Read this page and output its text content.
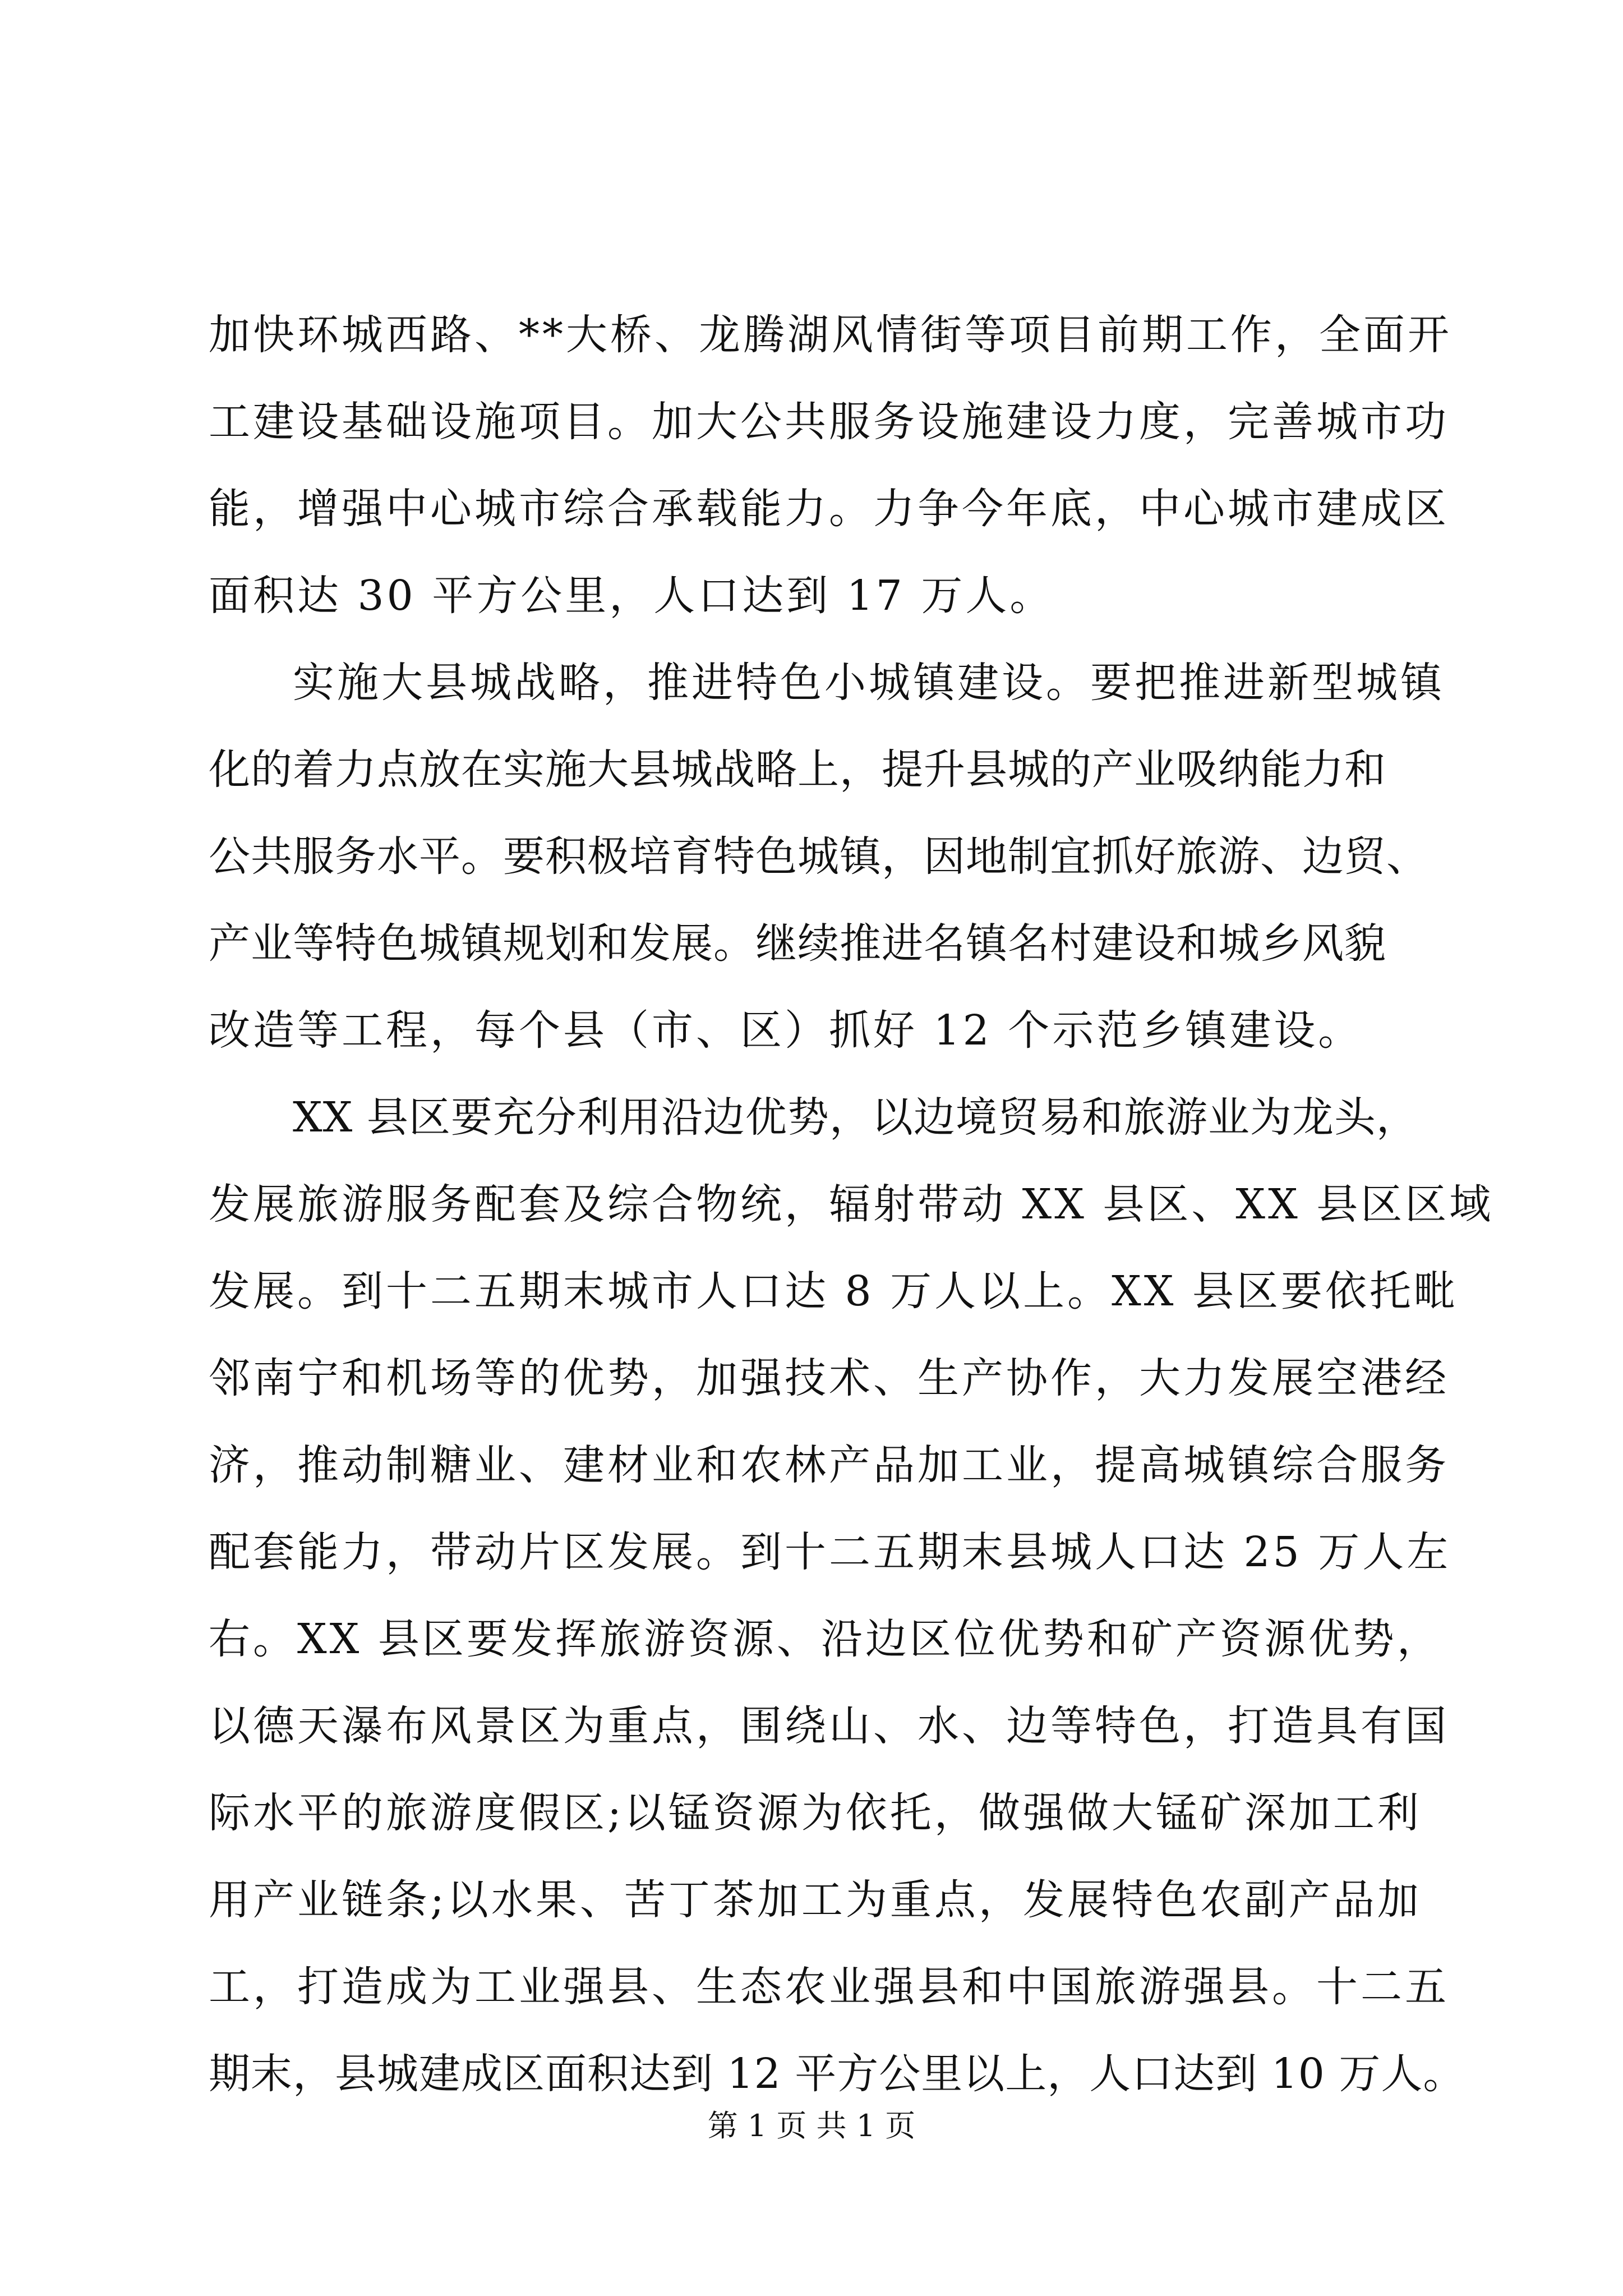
加快环城西路、**大桥、龙腾湖风情街等项目前期工作，全面开
工建设基础设施项目。加大公共服务设施建设力度，完善城市功
能，增强中心城市综合承载能力。力争今年底，中心城市建成区
面积达 30 平方公里，人口达到 17 万人。
实施大县城战略，推进特色小城镇建设。要把推进新型城镇
化的着力点放在实施大县城战略上，提升县城的产业吸纳能力和
公共服务水平。要积极培育特色城镇，因地制宜抓好旅游、边贸、
产业等特色城镇规划和发展。继续推进名镇名村建设和城乡风貌
改造等工程，每个县（市、区）抓好 12 个示范乡镇建设。
XX 县区要充分利用沿边优势，以边境贸易和旅游业为龙头，
发展旅游服务配套及综合物统，辐射带动 XX 县区、XX 县区区域
发展。到十二五期末城市人口达 8 万人以上。XX 县区要依托毗
邻南宁和机场等的优势，加强技术、生产协作，大力发展空港经
济，推动制糖业、建材业和农林产品加工业，提高城镇综合服务
配套能力，带动片区发展。到十二五期末县城人口达 25 万人左
右。XX 县区要发挥旅游资源、沿边区位优势和矿产资源优势，
以德天瀑布风景区为重点，围绕山、水、边等特色，打造具有国
际水平的旅游度假区;以锰资源为依托，做强做大锰矿深加工利
用产业链条;以水果、苦丁茶加工为重点，发展特色农副产品加
工，打造成为工业强县、生态农业强县和中国旅游强县。十二五
期末，县城建成区面积达到 12 平方公里以上，人口达到 10 万人。
第 1 页 共 1 页
